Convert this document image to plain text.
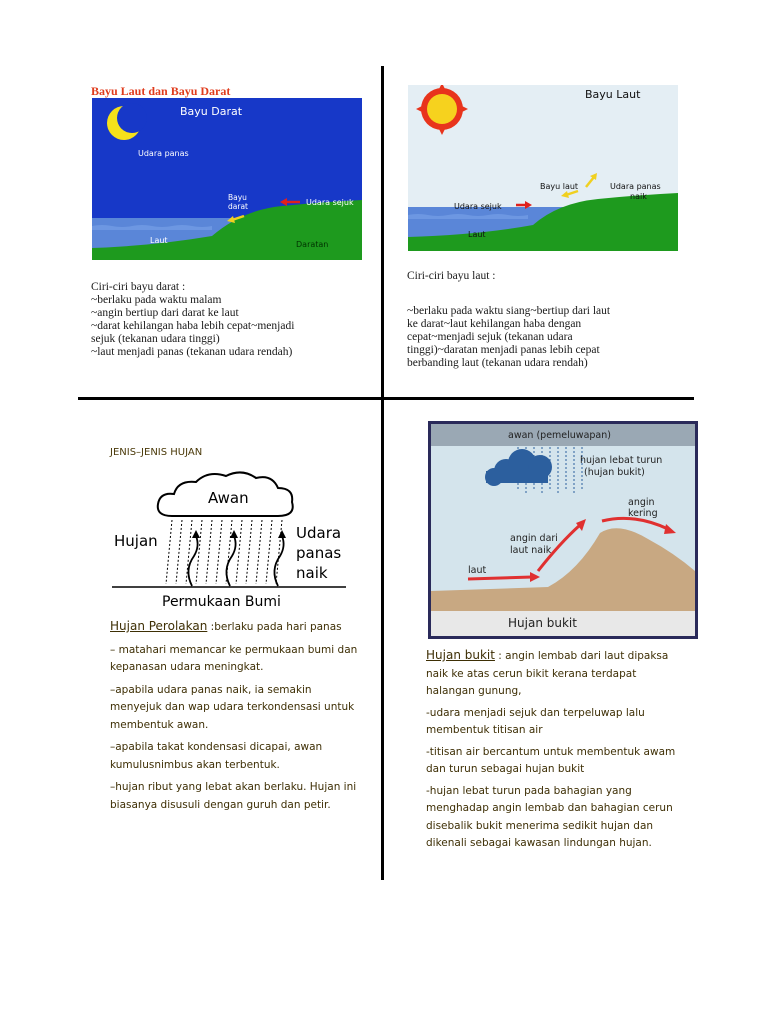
Bayu Laut dan Bayu Darat
Bayu Darat
Udara panas
Bayu
darat	Udara sejuk
Laut	Daratan
Ciri-ciri bayu darat :
~berlaku pada waktu malam
~angin bertiup dari darat ke laut
~darat kehilangan haba lebih cepat~menjadi
sejuk (tekanan udara tinggi)
~laut menjadi panas (tekanan udara rendah)
Bayu Laut
Bayu laut	Udara panas
naik
Udara sejuk
Laut
Ciri-ciri bayu laut :
~berlaku pada waktu siang~bertiup dari laut
ke darat~laut kehilangan haba dengan
cepat~menjadi sejuk (tekanan udara
tinggi)~daratan menjadi panas lebih cepat
berbanding laut (tekanan udara rendah)
JENIS–JENIS HUJAN
Awan
Hujan	Udara
panas
naik
Permukaan Bumi

Hujan Perolakan :berlaku pada hari panas

– matahari memancar ke permukaan bumi dan kepanasan udara meningkat.

–apabila udara panas naik, ia semakin menyejuk dan wap udara terkondensasi untuk membentuk awan.

–apabila takat kondensasi dicapai, awan kumulusnimbus akan terbentuk.

–hujan ribut yang lebat akan berlaku. Hujan ini biasanya disusuli dengan guruh dan petir.

awan (pemeluwapan)
hujan lebat turun
(hujan bukit)
angin
kering
angin dari
laut naik
laut
Hujan bukit

Hujan bukit : angin lembab dari laut dipaksa naik ke atas cerun bikit kerana terdapat halangan gunung,

-udara menjadi sejuk dan terpeluwap lalu membentuk titisan air

-titisan air bercantum untuk membentuk awam dan turun sebagai hujan bukit

-hujan lebat turun pada bahagian yang menghadap angin lembab dan bahagian cerun disebalik bukit menerima sedikit hujan dan dikenali sebagai kawasan lindungan hujan.
